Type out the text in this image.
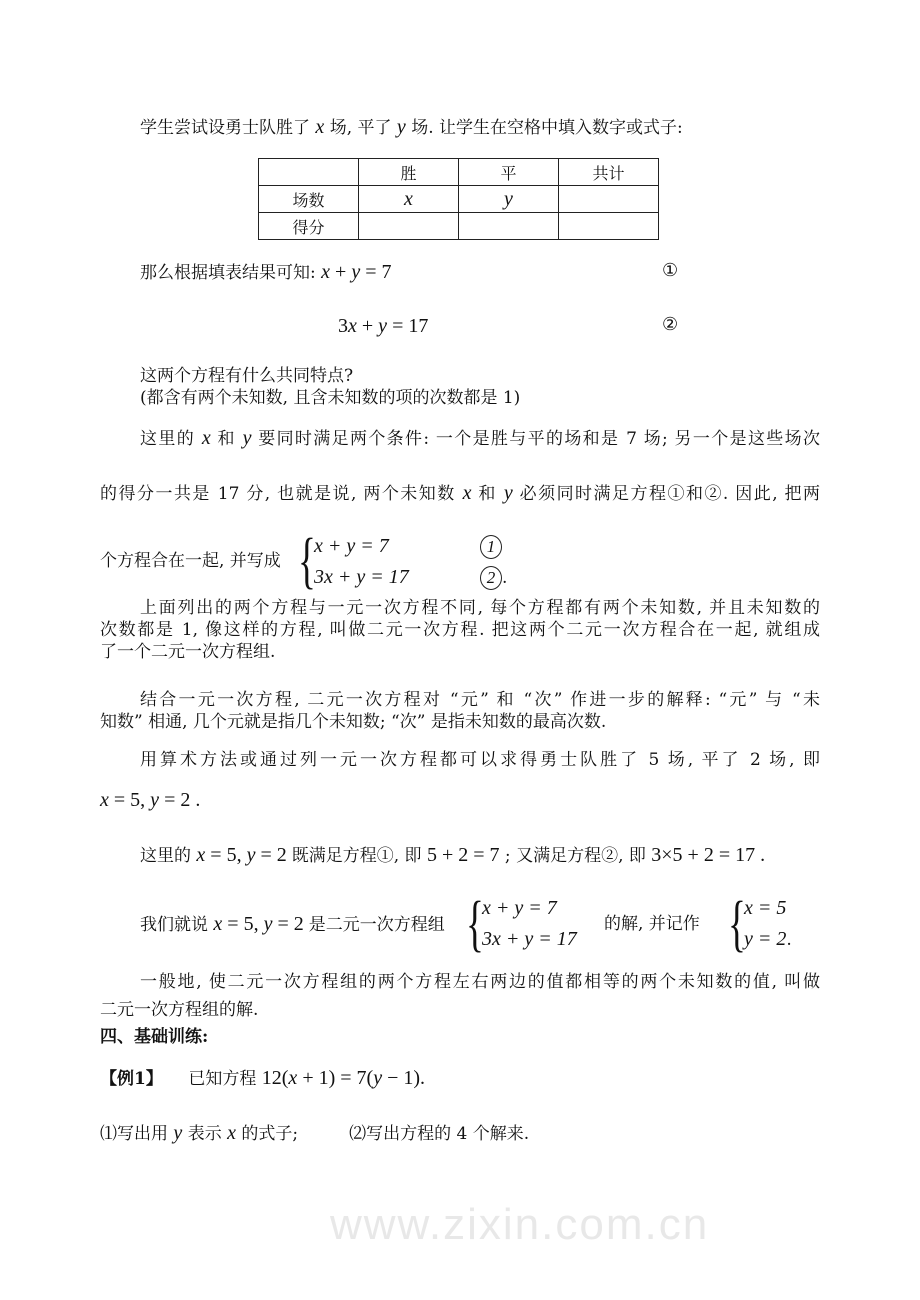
www.zixin.com.cn
学生尝试设勇士队胜了 x 场, 平了 y 场. 让学生在空格中填入数字或式子:
	胜	平	共计
场数	x	y	
得分			
那么根据填表结果可知: x + y = 7	①
3x + y = 17	②
这两个方程有什么共同特点?
(都含有两个未知数, 且含未知数的项的次数都是 1)
这里的 x 和 y 要同时满足两个条件: 一个是胜与平的场和是 7 场; 另一个是这些场次
的得分一共是 17 分, 也就是说, 两个未知数 x 和 y 必须同时满足方程①和②. 因此, 把两
个方程合在一起, 并写成 {
x + y = 7	1
3x + y = 17	2 .
上面列出的两个方程与一元一次方程不同, 每个方程都有两个未知数, 并且未知数的
次数都是 1, 像这样的方程, 叫做二元一次方程. 把这两个二元一次方程合在一起, 就组成
了一个二元一次方程组.
结合一元一次方程, 二元一次方程对 “元” 和 “次” 作进一步的解释: “元” 与 “未
知数” 相通, 几个元就是指几个未知数; “次” 是指未知数的最高次数.
用算术方法或通过列一元一次方程都可以求得勇士队胜了 5 场, 平了 2 场, 即
x = 5, y = 2 .
这里的 x = 5, y = 2 既满足方程①, 即 5 + 2 = 7 ; 又满足方程②, 即 3×5 + 2 = 17 .
我们就说 x = 5, y = 2 是二元一次方程组 {
x + y = 7
3x + y = 17
的解, 并记作 {
x = 5
y = 2.
一般地, 使二元一次方程组的两个方程左右两边的值都相等的两个未知数的值, 叫做
二元一次方程组的解.
四、基础训练:
【例1】　　已知方程 12(x + 1) = 7(y − 1).
⑴写出用 y 表示 x 的式子;　　　⑵写出方程的 4 个解来.
